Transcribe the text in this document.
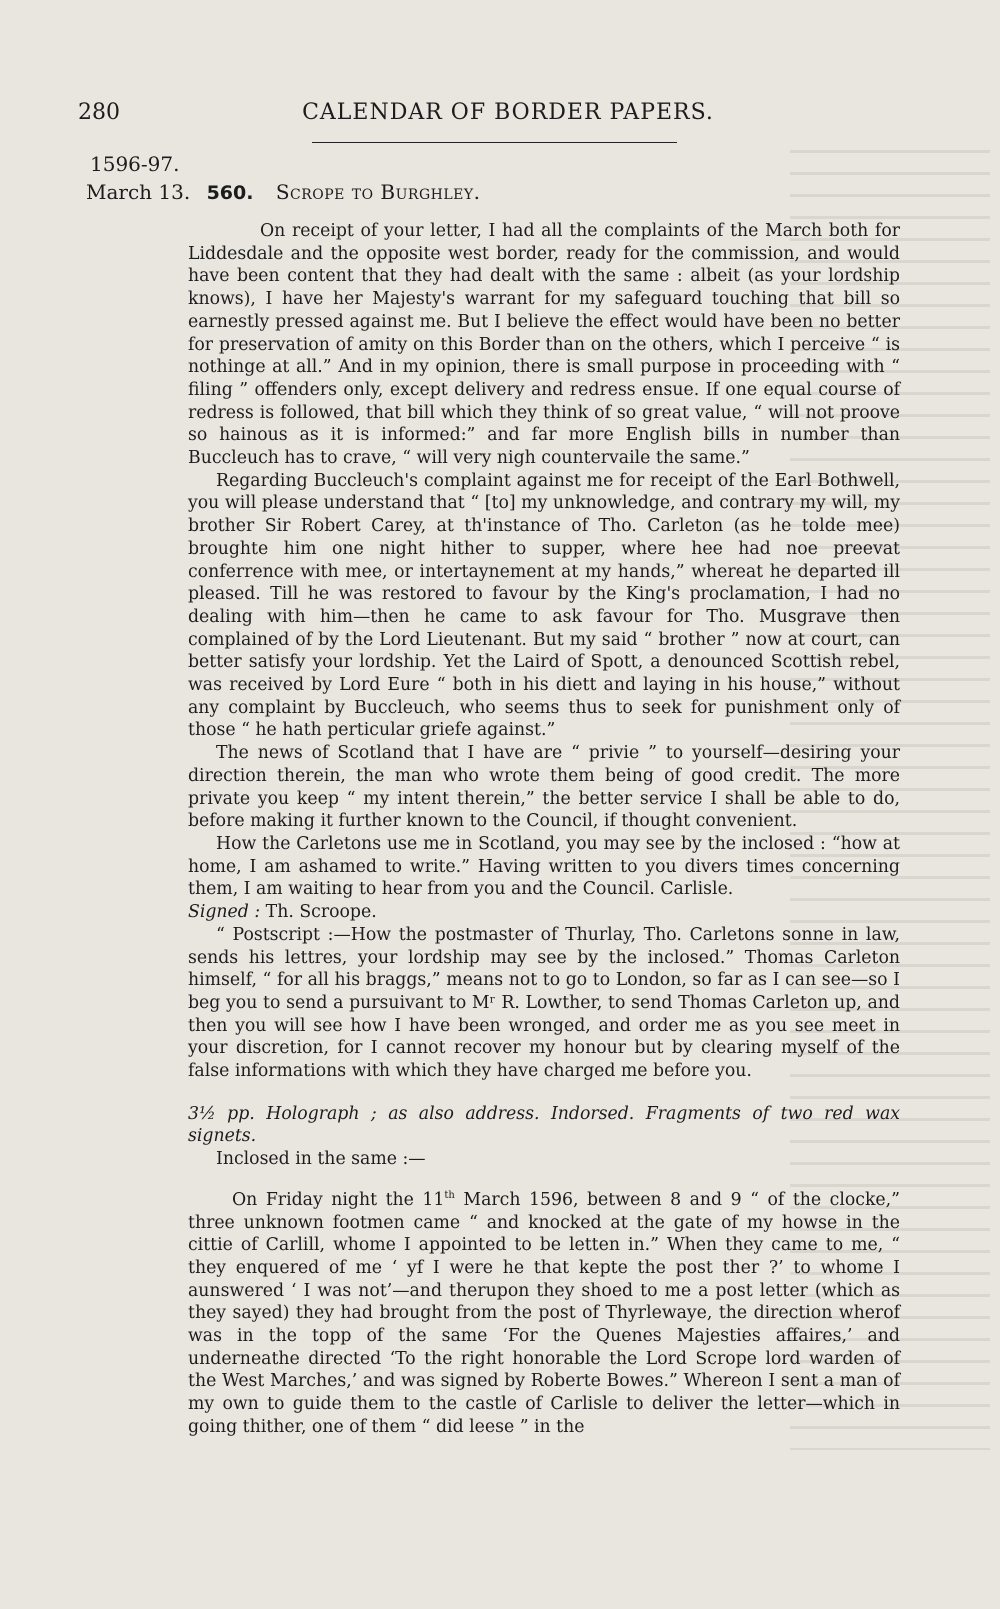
280	CALENDAR OF BORDER PAPERS.
1596-97.
March 13. 560. Scrope to Burghley.

On receipt of your letter, I had all the complaints of the March both for Liddesdale and the opposite west border, ready for the commission, and would have been content that they had dealt with the same : albeit (as your lordship knows), I have her Majesty's warrant for my safeguard touching that bill so earnestly pressed against me. But I believe the effect would have been no better for preservation of amity on this Border than on the others, which I perceive “ is nothinge at all.” And in my opinion, there is small purpose in proceeding with “ filing ” offenders only, except delivery and redress ensue. If one equal course of redress is followed, that bill which they think of so great value, “ will not proove so hainous as it is informed:” and far more English bills in number than Buccleuch has to crave, “ will very nigh countervaile the same.”

Regarding Buccleuch's complaint against me for receipt of the Earl Bothwell, you will please understand that “ [to] my unknowledge, and contrary my will, my brother Sir Robert Carey, at th'instance of Tho. Carleton (as he tolde mee) broughte him one night hither to supper, where hee had noe preevat conferrence with mee, or intertaynement at my hands,” whereat he departed ill pleased. Till he was restored to favour by the King's proclamation, I had no dealing with him—then he came to ask favour for Tho. Musgrave then complained of by the Lord Lieutenant. But my said “ brother ” now at court, can better satisfy your lordship. Yet the Laird of Spott, a denounced Scottish rebel, was received by Lord Eure “ both in his diett and laying in his house,” without any complaint by Buccleuch, who seems thus to seek for punishment only of those “ he hath perticular griefe against.”

The news of Scotland that I have are “ privie ” to yourself—desiring your direction therein, the man who wrote them being of good credit. The more private you keep “ my intent therein,” the better service I shall be able to do, before making it further known to the Council, if thought convenient.

How the Carletons use me in Scotland, you may see by the inclosed : “how at home, I am ashamed to write.” Having written to you divers times concerning them, I am waiting to hear from you and the Council. Carlisle.

Signed : Th. Scroope.

“ Postscript :—How the postmaster of Thurlay, Tho. Carletons sonne in law, sends his lettres, your lordship may see by the inclosed.” Thomas Carleton himself, “ for all his braggs,” means not to go to London, so far as I can see—so I beg you to send a pursuivant to Mʳ R. Lowther, to send Thomas Carleton up, and then you will see how I have been wronged, and order me as you see meet in your discretion, for I cannot recover my honour but by clearing myself of the false informations with which they have charged me before you.

3½ pp. Holograph ; as also address. Indorsed. Fragments of two red wax signets.

Inclosed in the same :—

On Friday night the 11th March 1596, between 8 and 9 “ of the clocke,” three unknown footmen came “ and knocked at the gate of my howse in the cittie of Carlill, whome I appointed to be letten in.” When they came to me, “ they enquered of me ‘ yf I were he that kepte the post ther ?’ to whome I aunswered ‘ I was not’—and therupon they shoed to me a post letter (which as they sayed) they had brought from the post of Thyrlewaye, the direction wherof was in the topp of the same ‘For the Quenes Majesties affaires,’ and underneathe directed ‘To the right honorable the Lord Scrope lord warden of the West Marches,’ and was signed by Roberte Bowes.” Whereon I sent a man of my own to guide them to the castle of Carlisle to deliver the letter—which in going thither, one of them “ did leese ” in the
